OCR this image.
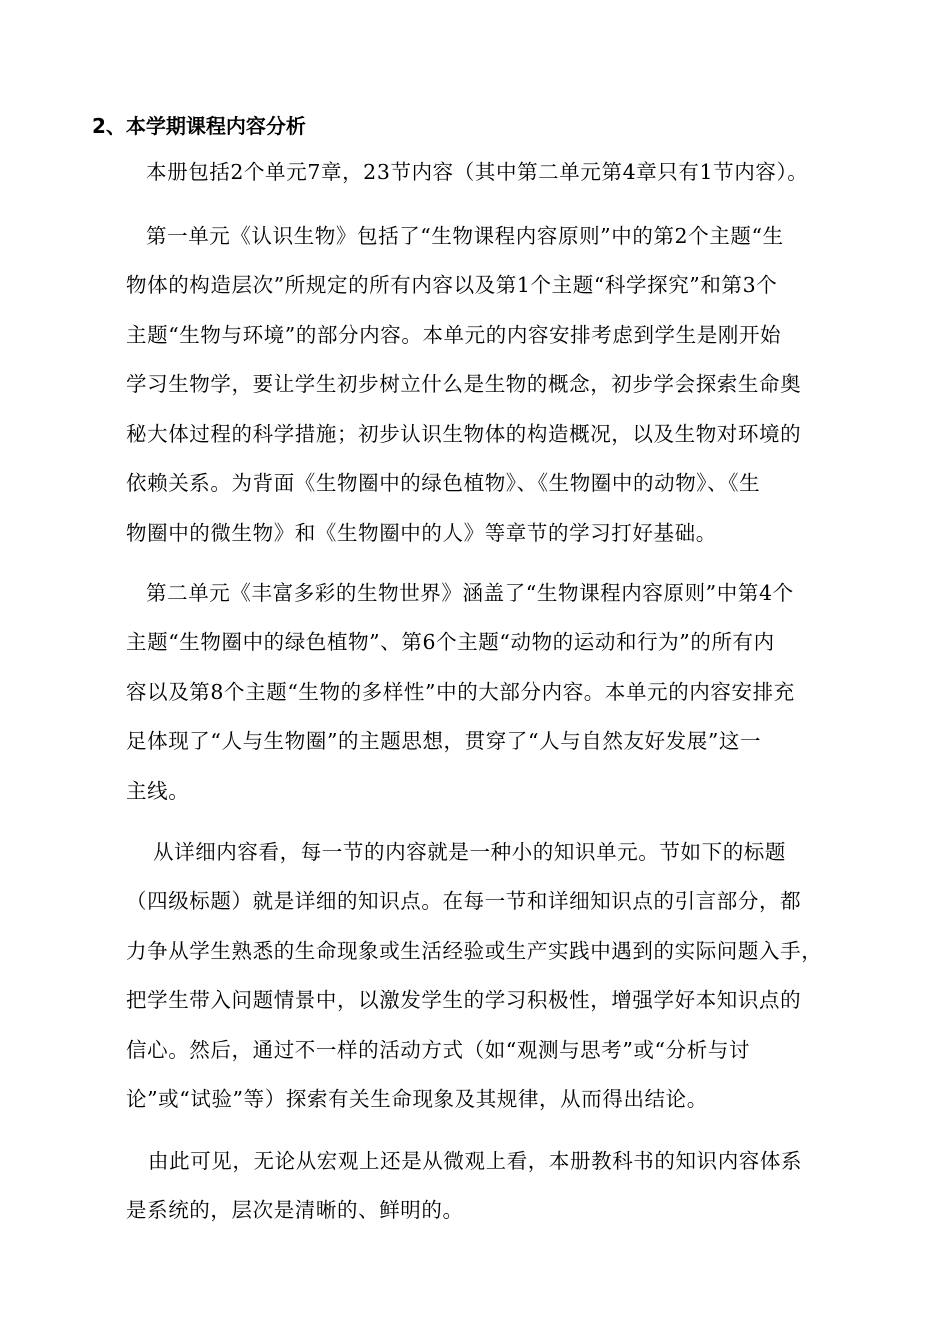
2、本学期课程内容分析
本册包括2个单元7章，23节内容（其中第二单元第4章只有1节内容）。
第一单元《认识生物》包括了“生物课程内容原则”中的第2个主题“生
物体的构造层次”所规定的所有内容以及第1个主题“科学探究”和第3个
主题“生物与环境”的部分内容。本单元的内容安排考虑到学生是刚开始
学习生物学，要让学生初步树立什么是生物的概念，初步学会探索生命奥
秘大体过程的科学措施；初步认识生物体的构造概况，以及生物对环境的
依赖关系。为背面《生物圈中的绿色植物》、《生物圈中的动物》、《生
物圈中的微生物》和《生物圈中的人》等章节的学习打好基础。
第二单元《丰富多彩的生物世界》涵盖了“生物课程内容原则”中第4个
主题“生物圈中的绿色植物”、第6个主题“动物的运动和行为”的所有内
容以及第8个主题“生物的多样性”中的大部分内容。本单元的内容安排充
足体现了“人与生物圈”的主题思想，贯穿了“人与自然友好发展”这一
主线。
从详细内容看，每一节的内容就是一种小的知识单元。节如下的标题
（四级标题）就是详细的知识点。在每一节和详细知识点的引言部分，都
力争从学生熟悉的生命现象或生活经验或生产实践中遇到的实际问题入手，
把学生带入问题情景中，以激发学生的学习积极性，增强学好本知识点的
信心。然后，通过不一样的活动方式（如“观测与思考”或“分析与讨
论”或“试验”等）探索有关生命现象及其规律，从而得出结论。
由此可见，无论从宏观上还是从微观上看，本册教科书的知识内容体系
是系统的，层次是清晰的、鲜明的。
